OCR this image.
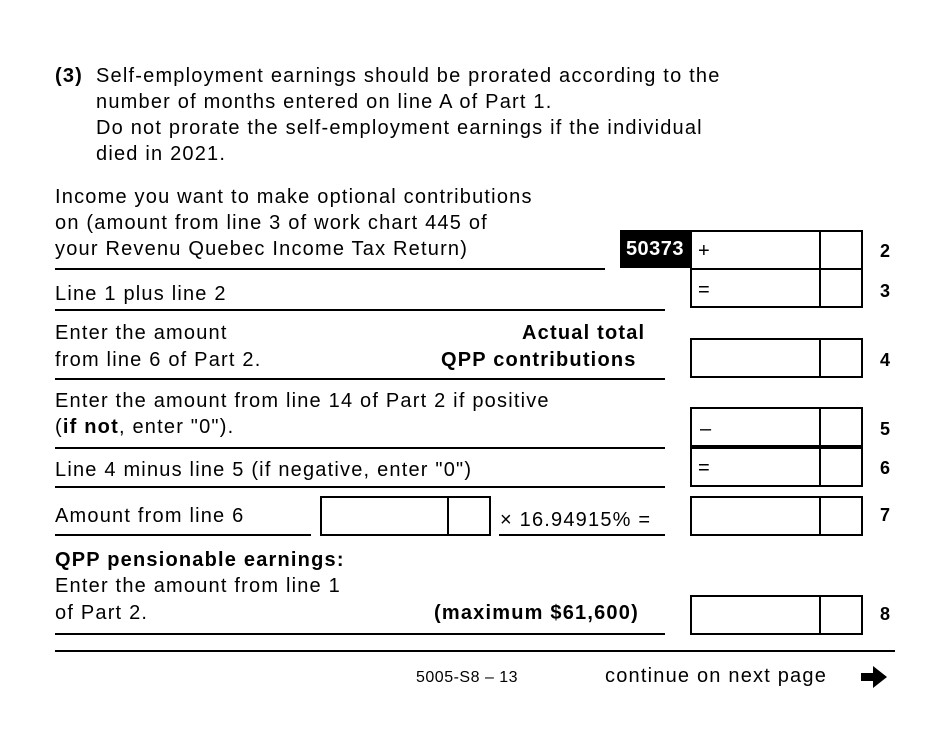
(3) Self-employment earnings should be prorated according to the
number of months entered on line A of Part 1.
Do not prorate the self-employment earnings if the individual
died in 2021.
Income you want to make optional contributions
on (amount from line 3 of work chart 445 of
your Revenu Quebec Income Tax Return)	50373 +	2
Line 1 plus line 2	=	3
Enter the amount
from line 6 of Part 2.
Actual total
QPP contributions	4
Enter the amount from line 14 of Part 2 if positive
(if not, enter "0").	–	5
Line 4 minus line 5 (if negative, enter "0")	=	6
Amount from line 6	× 16.94915% =	7
QPP pensionable earnings:
Enter the amount from line 1
of Part 2.	(maximum $61,600)	8
5005-S8 – 13	continue on next page
